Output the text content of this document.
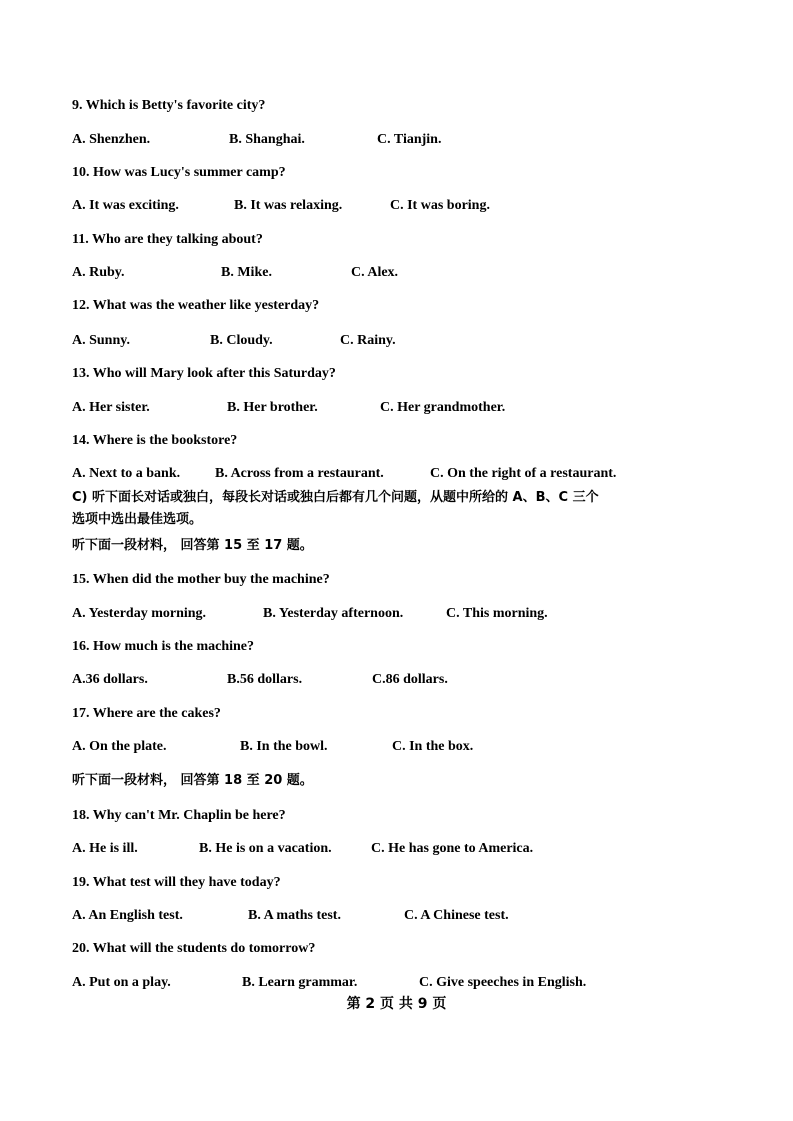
9. Which is Betty's favorite city?
A. Shenzhen.	B. Shanghai.	C. Tianjin.
10. How was Lucy's summer camp?
A. It was exciting.	B. It was relaxing.	C. It was boring.
11. Who are they talking about?
A. Ruby.	B. Mike.	C. Alex.
12. What was the weather like yesterday?
A. Sunny.	B. Cloudy.	C. Rainy.
13. Who will Mary look after this Saturday?
A. Her sister.	B. Her brother.	C. Her grandmother.
14. Where is the bookstore?
A. Next to a bank. B. Across from a restaurant.	C. On the right of a restaurant.
C) 听下面长对话或独白，每段长对话或独白后都有几个问题，从题中所给的 A、B、C 三个
选项中选出最佳选项。
听下面一段材料， 回答第 15 至 17 题。
15. When did the mother buy the machine?
A. Yesterday morning.	B. Yesterday afternoon.	C. This morning.
16. How much is the machine?
A.36 dollars.	B.56 dollars.	C.86 dollars.
17. Where are the cakes?
A. On the plate.	B. In the bowl.	C. In the box.
听下面一段材料， 回答第 18 至 20 题。
18. Why can't Mr. Chaplin be here?
A. He is ill.	B. He is on a vacation.	C. He has gone to America.
19. What test will they have today?
A. An English test.	B. A maths test.	C. A Chinese test.
20. What will the students do tomorrow?
A. Put on a play.	B. Learn grammar.	C. Give speeches in English.
第 2 页 共 9 页
